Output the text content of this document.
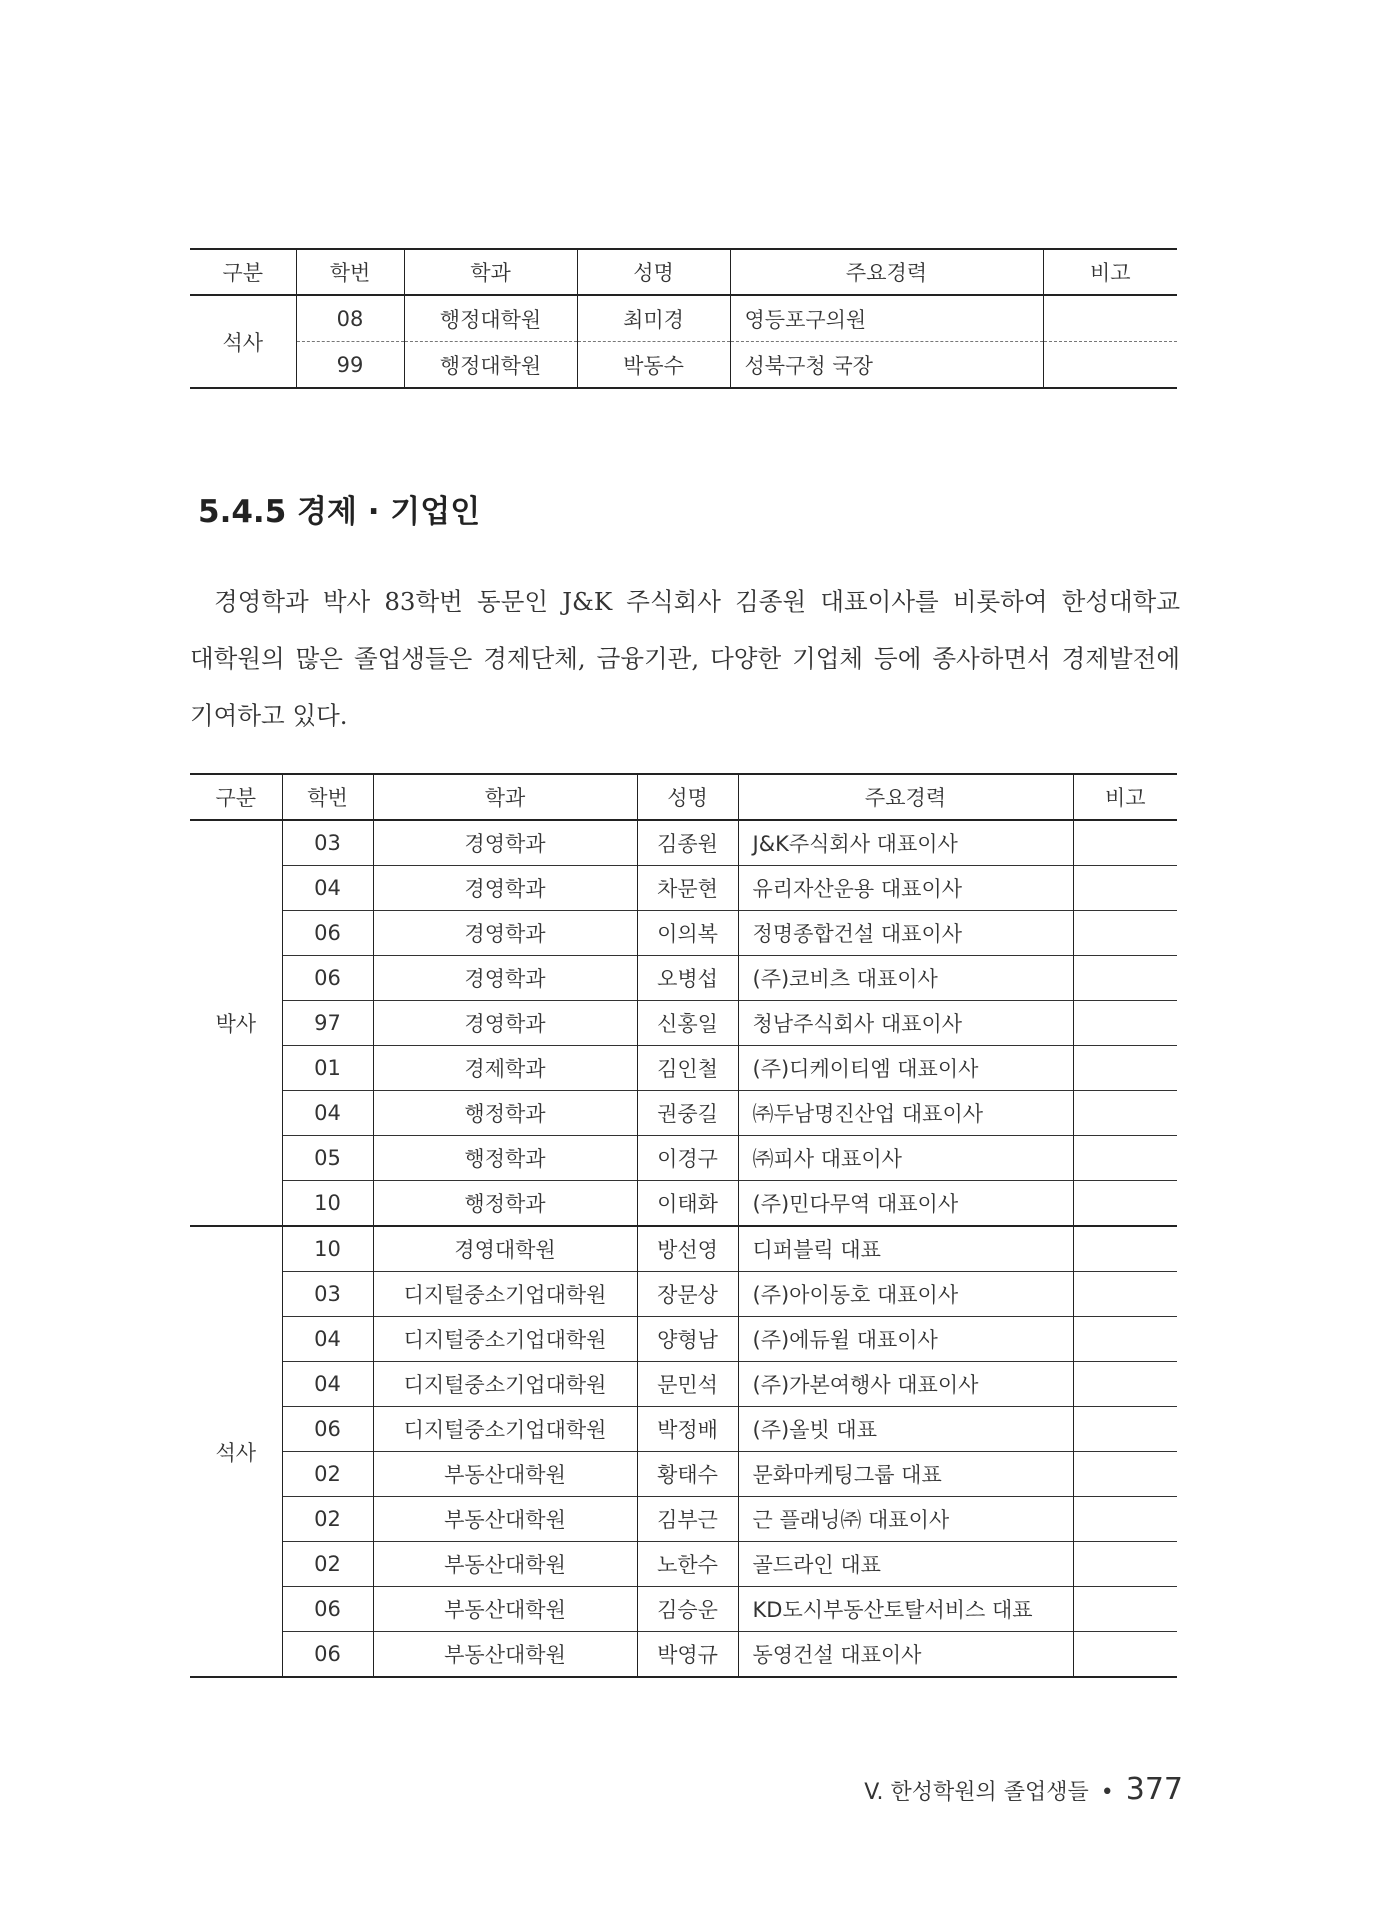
구분	학번	학과	성명	주요경력	비고
석사	08	행정대학원	최미경	영등포구의원	
	99	행정대학원	박동수	성북구청 국장	
5.4.5 경제 · 기업인

경영학과 박사 83학번 동문인 J&K 주식회사 김종원 대표이사를 비롯하여 한성대학교 대학원의 많은 졸업생들은 경제단체, 금융기관, 다양한 기업체 등에 종사하면서 경제발전에 기여하고 있다.

구분	학번	학과	성명	주요경력	비고
박사	03	경영학과	김종원	J&K주식회사 대표이사	
	04	경영학과	차문현	유리자산운용 대표이사	
	06	경영학과	이의복	정명종합건설 대표이사	
	06	경영학과	오병섭	(주)코비츠 대표이사	
	97	경영학과	신홍일	청남주식회사 대표이사	
	01	경제학과	김인철	(주)디케이티엠 대표이사	
	04	행정학과	권중길	㈜두남명진산업 대표이사	
	05	행정학과	이경구	㈜피사 대표이사	
	10	행정학과	이태화	(주)민다무역 대표이사	
석사	10	경영대학원	방선영	디퍼블릭 대표	
	03	디지털중소기업대학원	장문상	(주)아이동호 대표이사	
	04	디지털중소기업대학원	양형남	(주)에듀윌 대표이사	
	04	디지털중소기업대학원	문민석	(주)가본여행사 대표이사	
	06	디지털중소기업대학원	박정배	(주)올빗 대표	
	02	부동산대학원	황태수	문화마케팅그룹 대표	
	02	부동산대학원	김부근	근 플래닝㈜ 대표이사	
	02	부동산대학원	노한수	골드라인 대표	
	06	부동산대학원	김승운	KD도시부동산토탈서비스 대표	
	06	부동산대학원	박영규	동영건설 대표이사	
V. 한성학원의 졸업생들 • 377
